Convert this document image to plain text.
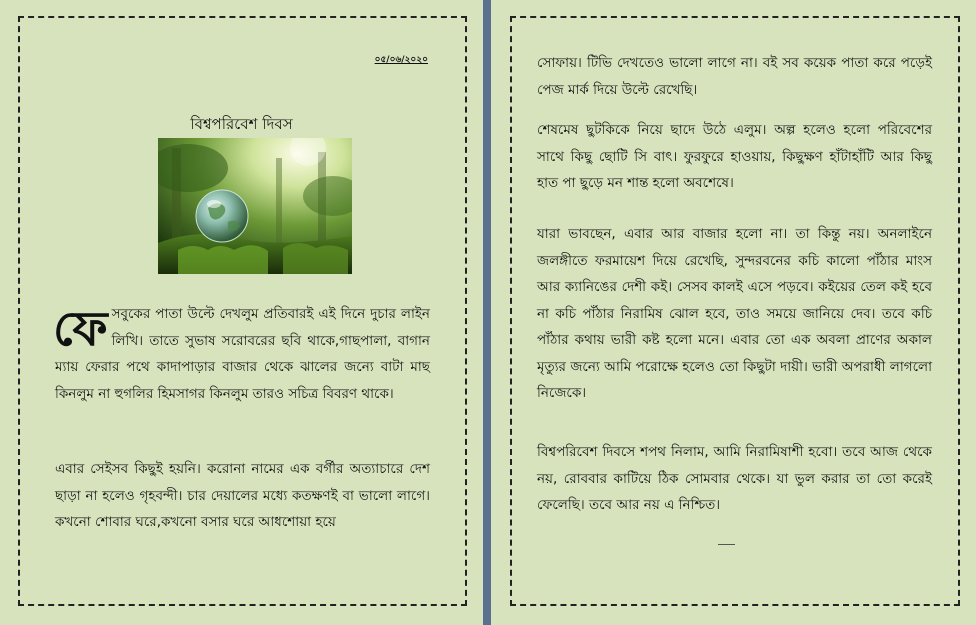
০৫/০৬/২০২০
বিশ্বপরিবেশ দিবস

ফেসবুকের পাতা উল্টে দেখলুম প্রতিবারই এই দিনে দুচার লাইন লিখি। তাতে সুভাষ সরোবরের ছবি থাকে,গাছপালা, বাগান ম্যায় ফেরার পথে কাদাপাড়ার বাজার থেকে ঝালের জন্যে বাটা মাছ কিনলুম না হুগলির হিমসাগর কিনলুম তারও সচিত্র বিবরণ থাকে।

এবার সেইসব কিছুই হয়নি। করোনা নামের এক বর্গীর অত্যাচারে দেশ ছাড়া না হলেও গৃহবন্দী। চার দেয়ালের মধ্যে কতক্ষণই বা ভালো লাগে। কখনো শোবার ঘরে,কখনো বসার ঘরে আধশোয়া হয়ে

সোফায়। টিভি দেখতেও ভালো লাগে না। বই সব কয়েক পাতা করে পড়েই পেজ মার্ক দিয়ে উল্টে রেখেছি।

শেষমেষ ছুটকিকে নিয়ে ছাদে উঠে এলুম। অল্প হলেও হলো পরিবেশের সাথে কিছু ছোটি সি বাৎ। ফুরফুরে হাওয়ায়, কিছুক্ষণ হাঁটাহাঁটি আর কিছু হাত পা ছুড়ে মন শান্ত হলো অবশেষে।

যারা ভাবছেন, এবার আর বাজার হলো না। তা কিন্তু নয়। অনলাইনে জলঙ্গীতে ফরমায়েশ দিয়ে রেখেছি, সুন্দরবনের কচি কালো পাঁঠার মাংস আর ক্যানিঙের দেশী কই। সেসব কালই এসে পড়বে। কইয়ের তেল কই হবে না কচি পাঁঠার নিরামিষ ঝোল হবে, তাও সময়ে জানিয়ে দেব। তবে কচি পাঁঠার কথায় ভারী কষ্ট হলো মনে। এবার তো এক অবলা প্রাণের অকাল মৃত্যুর জন্যে আমি পরোক্ষে হলেও তো কিছুটা দায়ী। ভারী অপরাধী লাগলো নিজেকে।

বিশ্বপরিবেশ দিবসে শপথ নিলাম, আমি নিরামিষাশী হবো। তবে আজ থেকে নয়, রোববার কাটিয়ে ঠিক সোমবার থেকে। যা ভুল করার তা তো করেই ফেলেছি। তবে আর নয় এ নিশ্চিত।
